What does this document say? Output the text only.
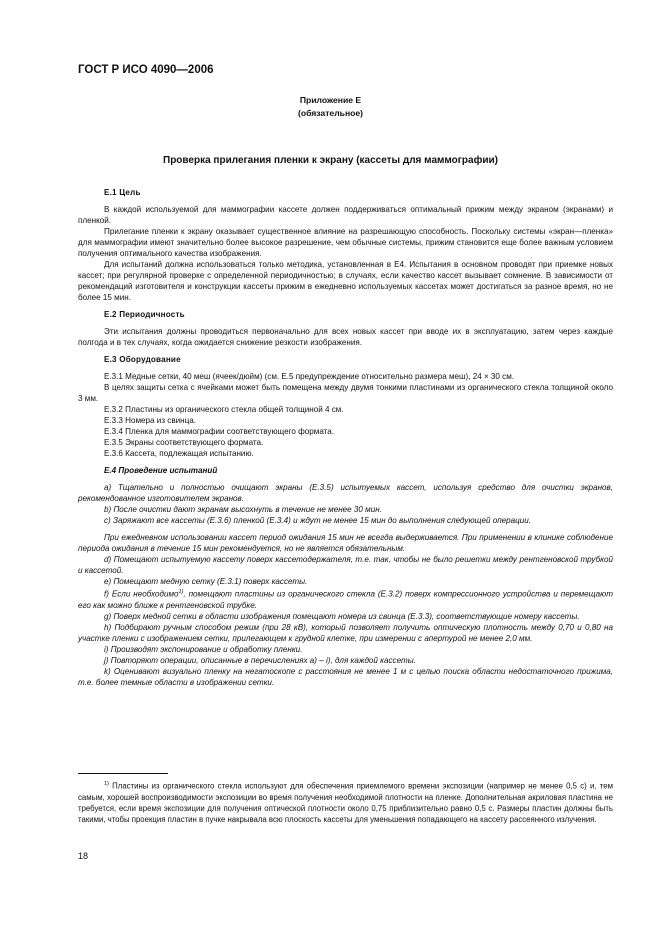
ГОСТ Р ИСО 4090—2006
Приложение Е
(обязательное)
Проверка прилегания пленки к экрану (кассеты для маммографии)

Е.1 Цель

В каждой используемой для маммографии кассете должен поддерживаться оптимальный прижим между экраном (экранами) и пленкой.

Прилегание пленки к экрану оказывает существенное влияние на разрешающую способность. Поскольку системы «экран—пленка» для маммографии имеют значительно более высокое разрешение, чем обычные системы, прижим становится еще более важным условием получения оптимального качества изображения.

Для испытаний должна использоваться только методика, установленная в Е4. Испытания в основном проводят при приемке новых кассет; при регулярной проверке с определенной периодичностью; в случаях, если качество кассет вызывает сомнение. В зависимости от рекомендаций изготовителя и конструкции кассеты прижим в ежедневно используемых кассетах может достигаться за разное время, но не более 15 мин.

Е.2 Периодичность

Эти испытания должны проводиться первоначально для всех новых кассет при вводе их в эксплуатацию, затем через каждые полгода и в тех случаях, когда ожидается снижение резкости изображения.

Е.3 Оборудование

Е.3.1 Медные сетки, 40 меш (ячеек/дюйм) (см. Е.5 предупреждение относительно размера меш), 24 × 30 см.

В целях защиты сетка с ячейками может быть помещена между двумя тонкими пластинами из органического стекла толщиной около 3 мм.

Е.3.2 Пластины из органического стекла общей толщиной 4 см.

Е.3.3 Номера из свинца.

Е.3.4 Пленка для маммографии соответствующего формата.

Е.3.5 Экраны соответствующего формата.

Е.3.6 Кассета, подлежащая испытанию.

Е.4 Проведение испытаний

а) Тщательно и полностью очищают экраны (Е.3.5) испытуемых кассет, используя средство для очистки экранов, рекомендованное изготовителем экранов.

b) После очистки дают экранам высохнуть в течение не менее 30 мин.

с) Заряжают все кассеты (Е.3.6) пленкой (Е.3.4) и ждут не менее 15 мин до выполнения следующей операции.

При ежедневном использовании кассет период ожидания 15 мин не всегда выдерживается. При применении в клинике соблюдение периода ожидания в течение 15 мин рекомендуется, но не является обязательным.

d) Помещают испытуемую кассету поверх кассетодержателя, т.е. так, чтобы не было решетки между рентгеновской трубкой и кассетой.

е) Помещают медную сетку (Е.3.1) поверх кассеты.

f) Если необходимо$^{1)}$, помещают пластины из органического стекла (Е.3.2) поверх компрессионного устройства и перемещают его как можно ближе к рентгеновской трубке.

g) Поверх медной сетки в области изображения помещают номера из свинца (Е.3.3), соответствующие номеру кассеты.

h) Подбирают ручным способом режим (при 28 кВ), который позволяет получить оптическую плотность между 0,70 и 0,80 на участке пленки с изображением сетки, прилегающем к грудной клетке, при измерении с апертурой не менее 2,0 мм.

i) Производят экспонирование и обработку пленки.

j) Повторяют операции, описанные в перечислениях а) – i), для каждой кассеты.

k) Оценивают визуально пленку на негатоскопе с расстояния не менее 1 м с целью поиска области недостаточного прижима, т.е. более темные области в изображении сетки.

$^{1)}$ Пластины из органического стекла используют для обеспечения приемлемого времени экспозиции (например не менее 0,5 с) и, тем самым, хорошей воспроизводимости экспозиции во время получения необходимой плотности на пленке. Дополнительная акриловая пластина не требуется, если время экспозиции для получения оптической плотности около 0,75 приблизительно равно 0,5 с. Размеры пластин должны быть такими, чтобы проекция пластин в пучке накрывала всю плоскость кассеты для уменьшения попадающего на кассету рассеянного излучения.

18
